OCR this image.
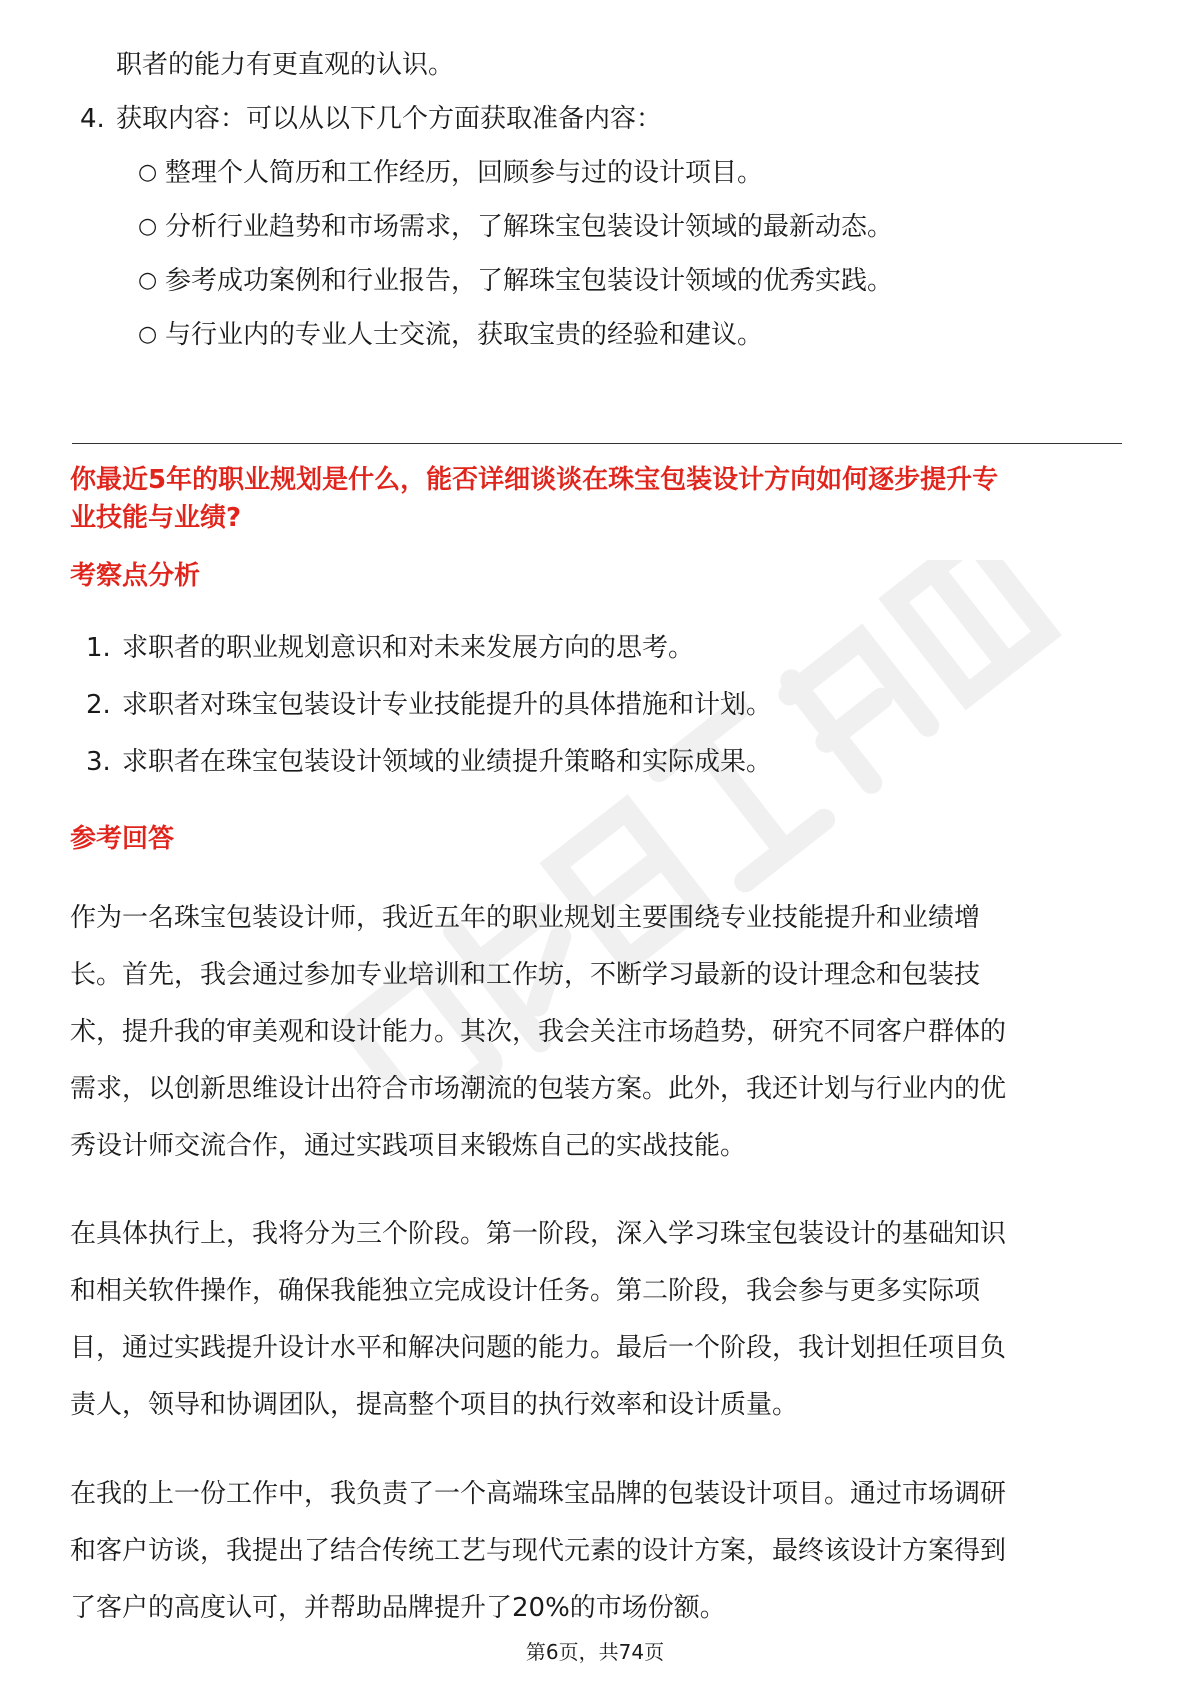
职者的能力有更直观的认识。
4. 获取内容：可以从以下几个方面获取准备内容：
○ 整理个人简历和工作经历，回顾参与过的设计项目。
○ 分析行业趋势和市场需求，了解珠宝包装设计领域的最新动态。
○ 参考成功案例和行业报告，了解珠宝包装设计领域的优秀实践。
○ 与行业内的专业人士交流，获取宝贵的经验和建议。
你最近5年的职业规划是什么，能否详细谈谈在珠宝包装设计方向如何逐步提升专
业技能与业绩?
考察点分析
1. 求职者的职业规划意识和对未来发展方向的思考。
2. 求职者对珠宝包装设计专业技能提升的具体措施和计划。
3. 求职者在珠宝包装设计领域的业绩提升策略和实际成果。
参考回答
作为一名珠宝包装设计师，我近五年的职业规划主要围绕专业技能提升和业绩增
长。首先，我会通过参加专业培训和工作坊，不断学习最新的设计理念和包装技
术，提升我的审美观和设计能力。其次，我会关注市场趋势，研究不同客户群体的
需求，以创新思维设计出符合市场潮流的包装方案。此外，我还计划与行业内的优
秀设计师交流合作，通过实践项目来锻炼自己的实战技能。
在具体执行上，我将分为三个阶段。第一阶段，深入学习珠宝包装设计的基础知识
和相关软件操作，确保我能独立完成设计任务。第二阶段，我会参与更多实际项
目，通过实践提升设计水平和解决问题的能力。最后一个阶段，我计划担任项目负
责人，领导和协调团队，提高整个项目的执行效率和设计质量。
在我的上一份工作中，我负责了一个高端珠宝品牌的包装设计项目。通过市场调研
和客户访谈，我提出了结合传统工艺与现代元素的设计方案，最终该设计方案得到
了客户的高度认可，并帮助品牌提升了20%的市场份额。
第6页，共74页
